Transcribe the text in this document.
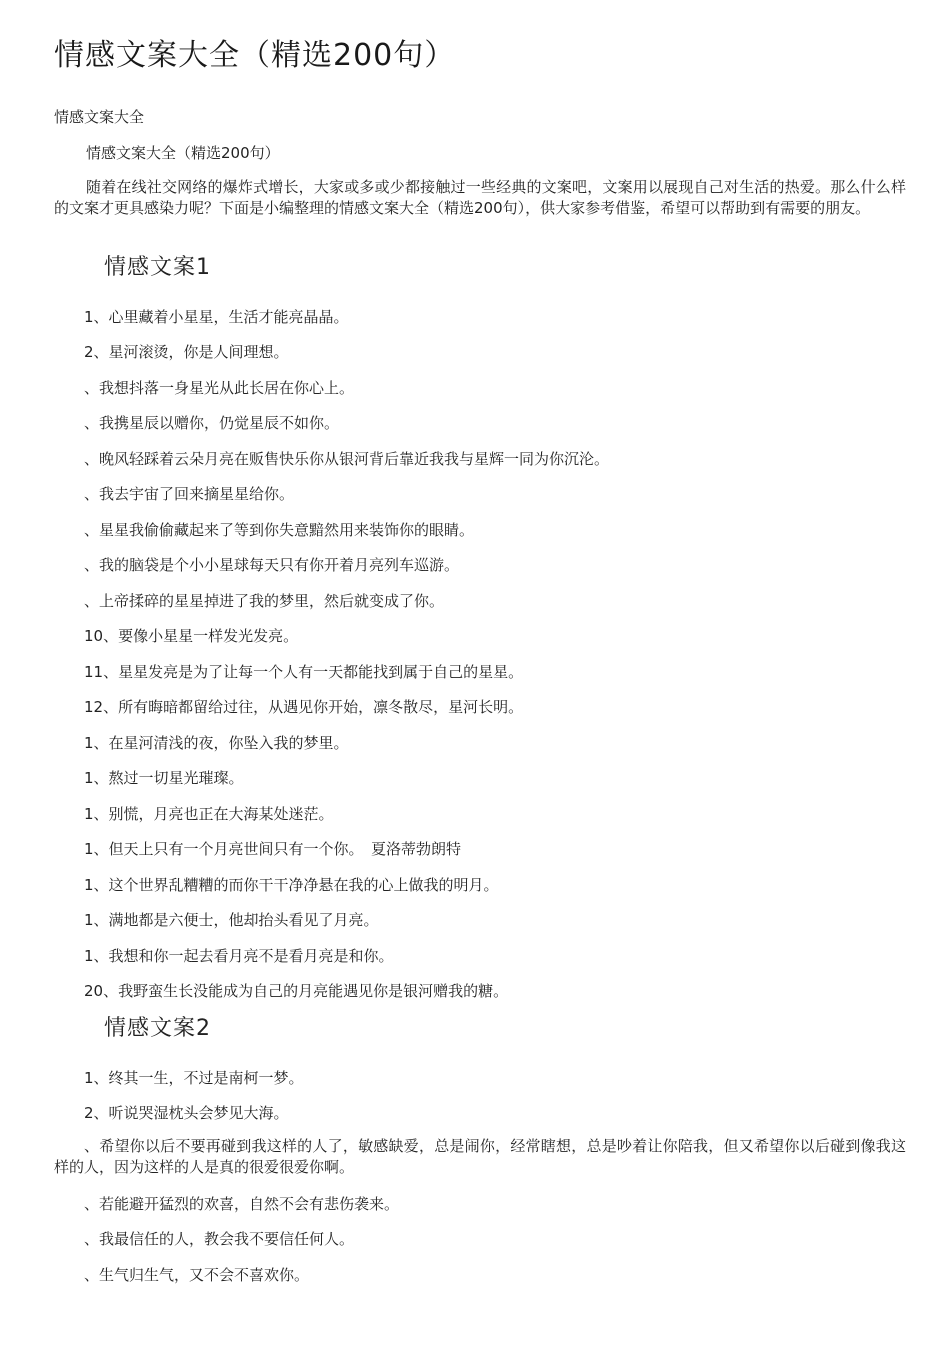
情感文案大全（精选200句）

情感文案大全

情感文案大全（精选200句）

随着在线社交网络的爆炸式增长，大家或多或少都接触过一些经典的文案吧，文案用以展现自己对生活的热爱。那么什么样的文案才更具感染力呢？下面是小编整理的情感文案大全（精选200句），供大家参考借鉴，希望可以帮助到有需要的朋友。

情感文案1

1、心里藏着小星星，生活才能亮晶晶。

2、星河滚烫，你是人间理想。

、我想抖落一身星光从此长居在你心上。

、我携星辰以赠你，仍觉星辰不如你。

、晚风轻踩着云朵月亮在贩售快乐你从银河背后靠近我我与星辉一同为你沉沦。

、我去宇宙了回来摘星星给你。

、星星我偷偷藏起来了等到你失意黯然用来装饰你的眼睛。

、我的脑袋是个小小星球每天只有你开着月亮列车巡游。

、上帝揉碎的星星掉进了我的梦里，然后就变成了你。

10、要像小星星一样发光发亮。

11、星星发亮是为了让每一个人有一天都能找到属于自己的星星。

12、所有晦暗都留给过往，从遇见你开始，凛冬散尽，星河长明。

1、在星河清浅的夜，你坠入我的梦里。

1、熬过一切星光璀璨。

1、别慌，月亮也正在大海某处迷茫。

1、但天上只有一个月亮世间只有一个你。　夏洛蒂勃朗特

1、这个世界乱糟糟的而你干干净净悬在我的心上做我的明月。

1、满地都是六便士，他却抬头看见了月亮。

1、我想和你一起去看月亮不是看月亮是和你。

20、我野蛮生长没能成为自己的月亮能遇见你是银河赠我的糖。

情感文案2

1、终其一生，不过是南柯一梦。

2、听说哭湿枕头会梦见大海。

、希望你以后不要再碰到我这样的人了，敏感缺爱，总是闹你，经常瞎想，总是吵着让你陪我，但又希望你以后碰到像我这样的人，因为这样的人是真的很爱很爱你啊。

、若能避开猛烈的欢喜，自然不会有悲伤袭来。

、我最信任的人，教会我不要信任何人。

、生气归生气，又不会不喜欢你。
